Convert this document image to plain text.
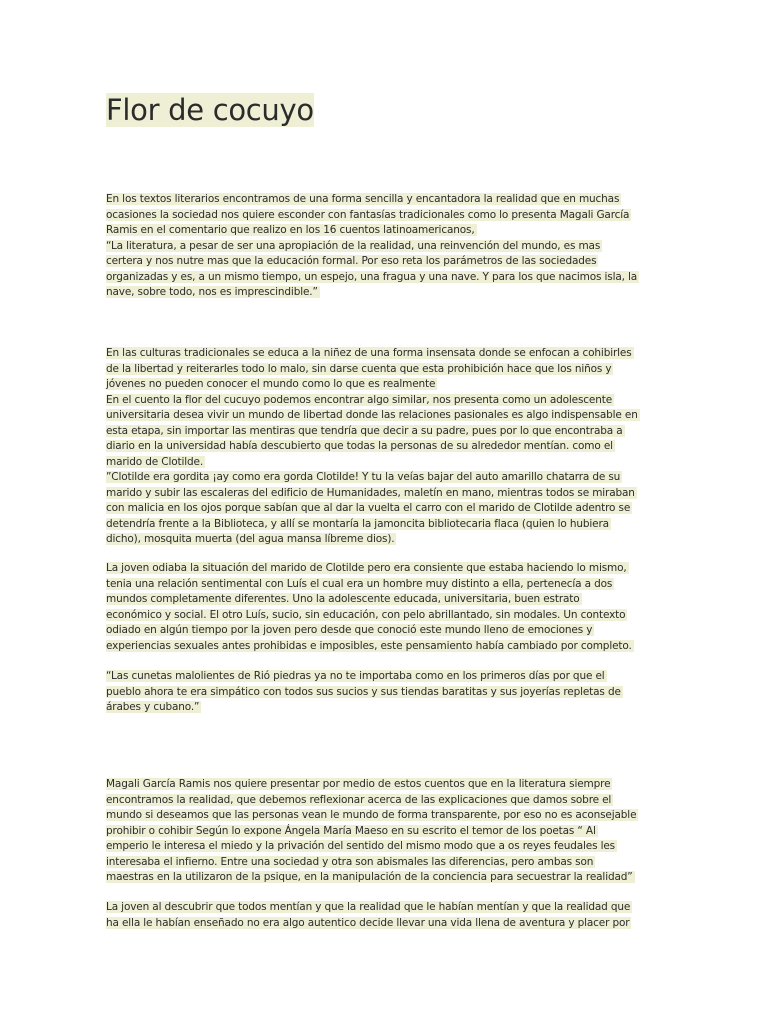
Flor de cocuyo
En los textos literarios encontramos de una forma sencilla y encantadora la realidad que en muchas
ocasiones la sociedad nos quiere esconder con fantasías tradicionales como lo presenta Magali García
Ramis en el comentario que realizo en los 16 cuentos latinoamericanos,
“La literatura, a pesar de ser una apropiación de la realidad, una reinvención del mundo, es mas
certera y nos nutre mas que la educación formal. Por eso reta los parámetros de las sociedades
organizadas y es, a un mismo tiempo, un espejo, una fragua y una nave. Y para los que nacimos isla, la
nave, sobre todo, nos es imprescindible.”
En las culturas tradicionales se educa a la niñez de una forma insensata donde se enfocan a cohibirles
de la libertad y reiterarles todo lo malo, sin darse cuenta que esta prohibición hace que los niños y
jóvenes no pueden conocer el mundo como lo que es realmente
En el cuento la flor del cucuyo podemos encontrar algo similar, nos presenta como un adolescente
universitaria desea vivir un mundo de libertad donde las relaciones pasionales es algo indispensable en
esta etapa, sin importar las mentiras que tendría que decir a su padre, pues por lo que encontraba a
diario en la universidad había descubierto que todas la personas de su alrededor mentían. como el
marido de Clotilde.
”Clotilde era gordita ¡ay como era gorda Clotilde! Y tu la veías bajar del auto amarillo chatarra de su
marido y subir las escaleras del edificio de Humanidades, maletín en mano, mientras todos se miraban
con malicia en los ojos porque sabían que al dar la vuelta el carro con el marido de Clotilde adentro se
detendría frente a la Biblioteca, y allí se montaría la jamoncita bibliotecaria flaca (quien lo hubiera
dicho), mosquita muerta (del agua mansa líbreme dios).
La joven odiaba la situación del marido de Clotilde pero era consiente que estaba haciendo lo mismo,
tenia una relación sentimental con Luís el cual era un hombre muy distinto a ella, pertenecía a dos
mundos completamente diferentes. Uno la adolescente educada, universitaria, buen estrato
económico y social. El otro Luís, sucio, sin educación, con pelo abrillantado, sin modales. Un contexto
odiado en algún tiempo por la joven pero desde que conoció este mundo lleno de emociones y
experiencias sexuales antes prohibidas e imposibles, este pensamiento había cambiado por completo.
“Las cunetas malolientes de Rió piedras ya no te importaba como en los primeros días por que el
pueblo ahora te era simpático con todos sus sucios y sus tiendas baratitas y sus joyerías repletas de
árabes y cubano.”
Magali García Ramis nos quiere presentar por medio de estos cuentos que en la literatura siempre
encontramos la realidad, que debemos reflexionar acerca de las explicaciones que damos sobre el
mundo si deseamos que las personas vean le mundo de forma transparente, por eso no es aconsejable
prohibir o cohibir Según lo expone Ángela María Maeso en su escrito el temor de los poetas “ Al
emperio le interesa el miedo y la privación del sentido del mismo modo que a os reyes feudales les
interesaba el infierno. Entre una sociedad y otra son abismales las diferencias, pero ambas son
maestras en la utilizaron de la psique, en la manipulación de la conciencia para secuestrar la realidad”
La joven al descubrir que todos mentían y que la realidad que le habían mentían y que la realidad que
ha ella le habían enseñado no era algo autentico decide llevar una vida llena de aventura y placer por
